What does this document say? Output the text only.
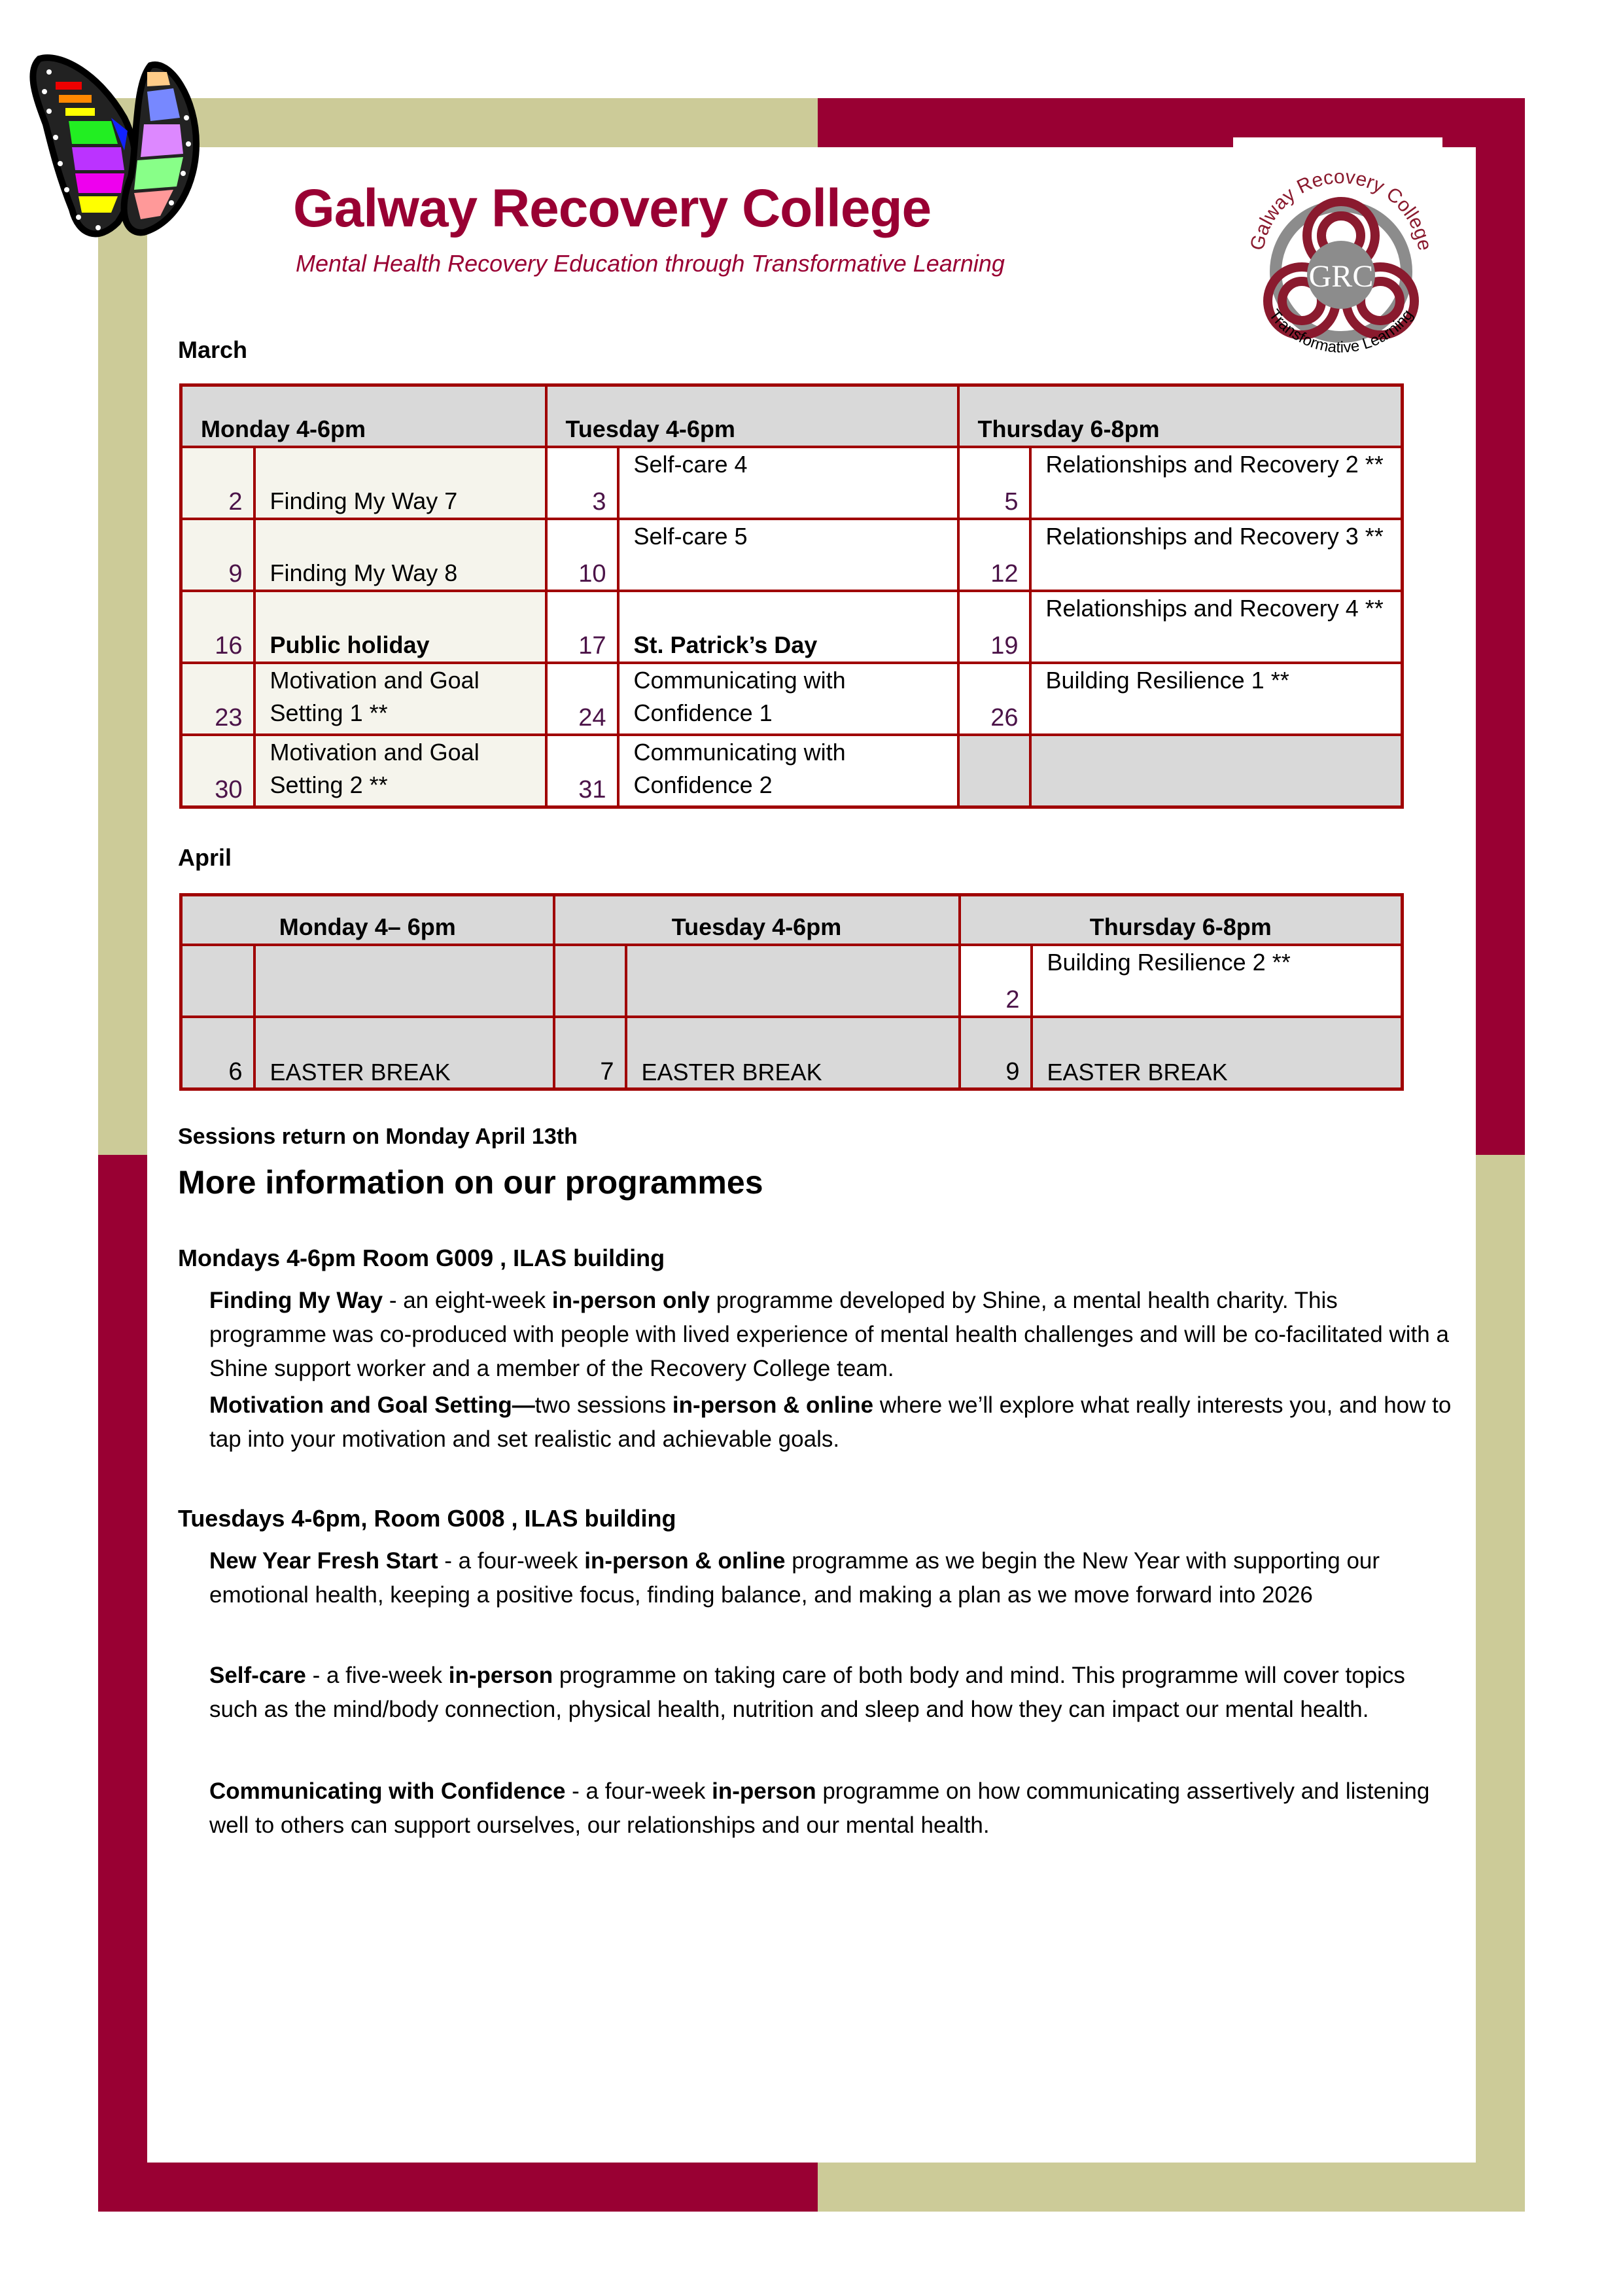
GRC
Galway Recovery College
Transformative Learning
Galway Recovery College
Mental Health Recovery Education through Transformative Learning
March
Monday 4-6pm		Tuesday 4-6pm		Thursday 6-8pm	
2	Finding My Way 7	3	Self-care 4	5	Relationships and Recovery 2 **
9	Finding My Way 8	10	Self-care 5	12	Relationships and Recovery 3 **
16	Public holiday	17	St. Patrick’s Day	19	Relationships and Recovery 4 **
23	Motivation and Goal Setting 1 **	24	Communicating with Confidence 1	26	Building Resilience 1 **
30	Motivation and Goal Setting 2 **	31	Communicating with Confidence 2		
April
Monday 4– 6pm		Tuesday 4-6pm		Thursday 6-8pm	
				2	Building Resilience 2 **
6	EASTER BREAK	7	EASTER BREAK	9	EASTER BREAK
Sessions return on Monday April 13th
More information on our programmes
Mondays 4-6pm Room G009 , ILAS building
Finding My Way - an eight-week in-person only programme developed by Shine, a mental health charity. This programme was co-produced with people with lived experience of mental health challenges and will be co-facilitated with a Shine support worker and a member of the Recovery College team.
Motivation and Goal Setting—two sessions in-person & online where we’ll explore what really interests you, and how to tap into your motivation and set realistic and achievable goals.
Tuesdays 4-6pm, Room G008 , ILAS building
New Year Fresh Start - a four-week in-person & online programme as we begin the New Year with supporting our emotional health, keeping a positive focus, finding balance, and making a plan as we move forward into 2026
Self-care - a five-week in-person programme on taking care of both body and mind. This programme will cover topics such as the mind/body connection, physical health, nutrition and sleep and how they can impact our mental health.
Communicating with Confidence - a four-week in-person programme on how communicating assertively and listening well to others can support ourselves, our relationships and our mental health.
